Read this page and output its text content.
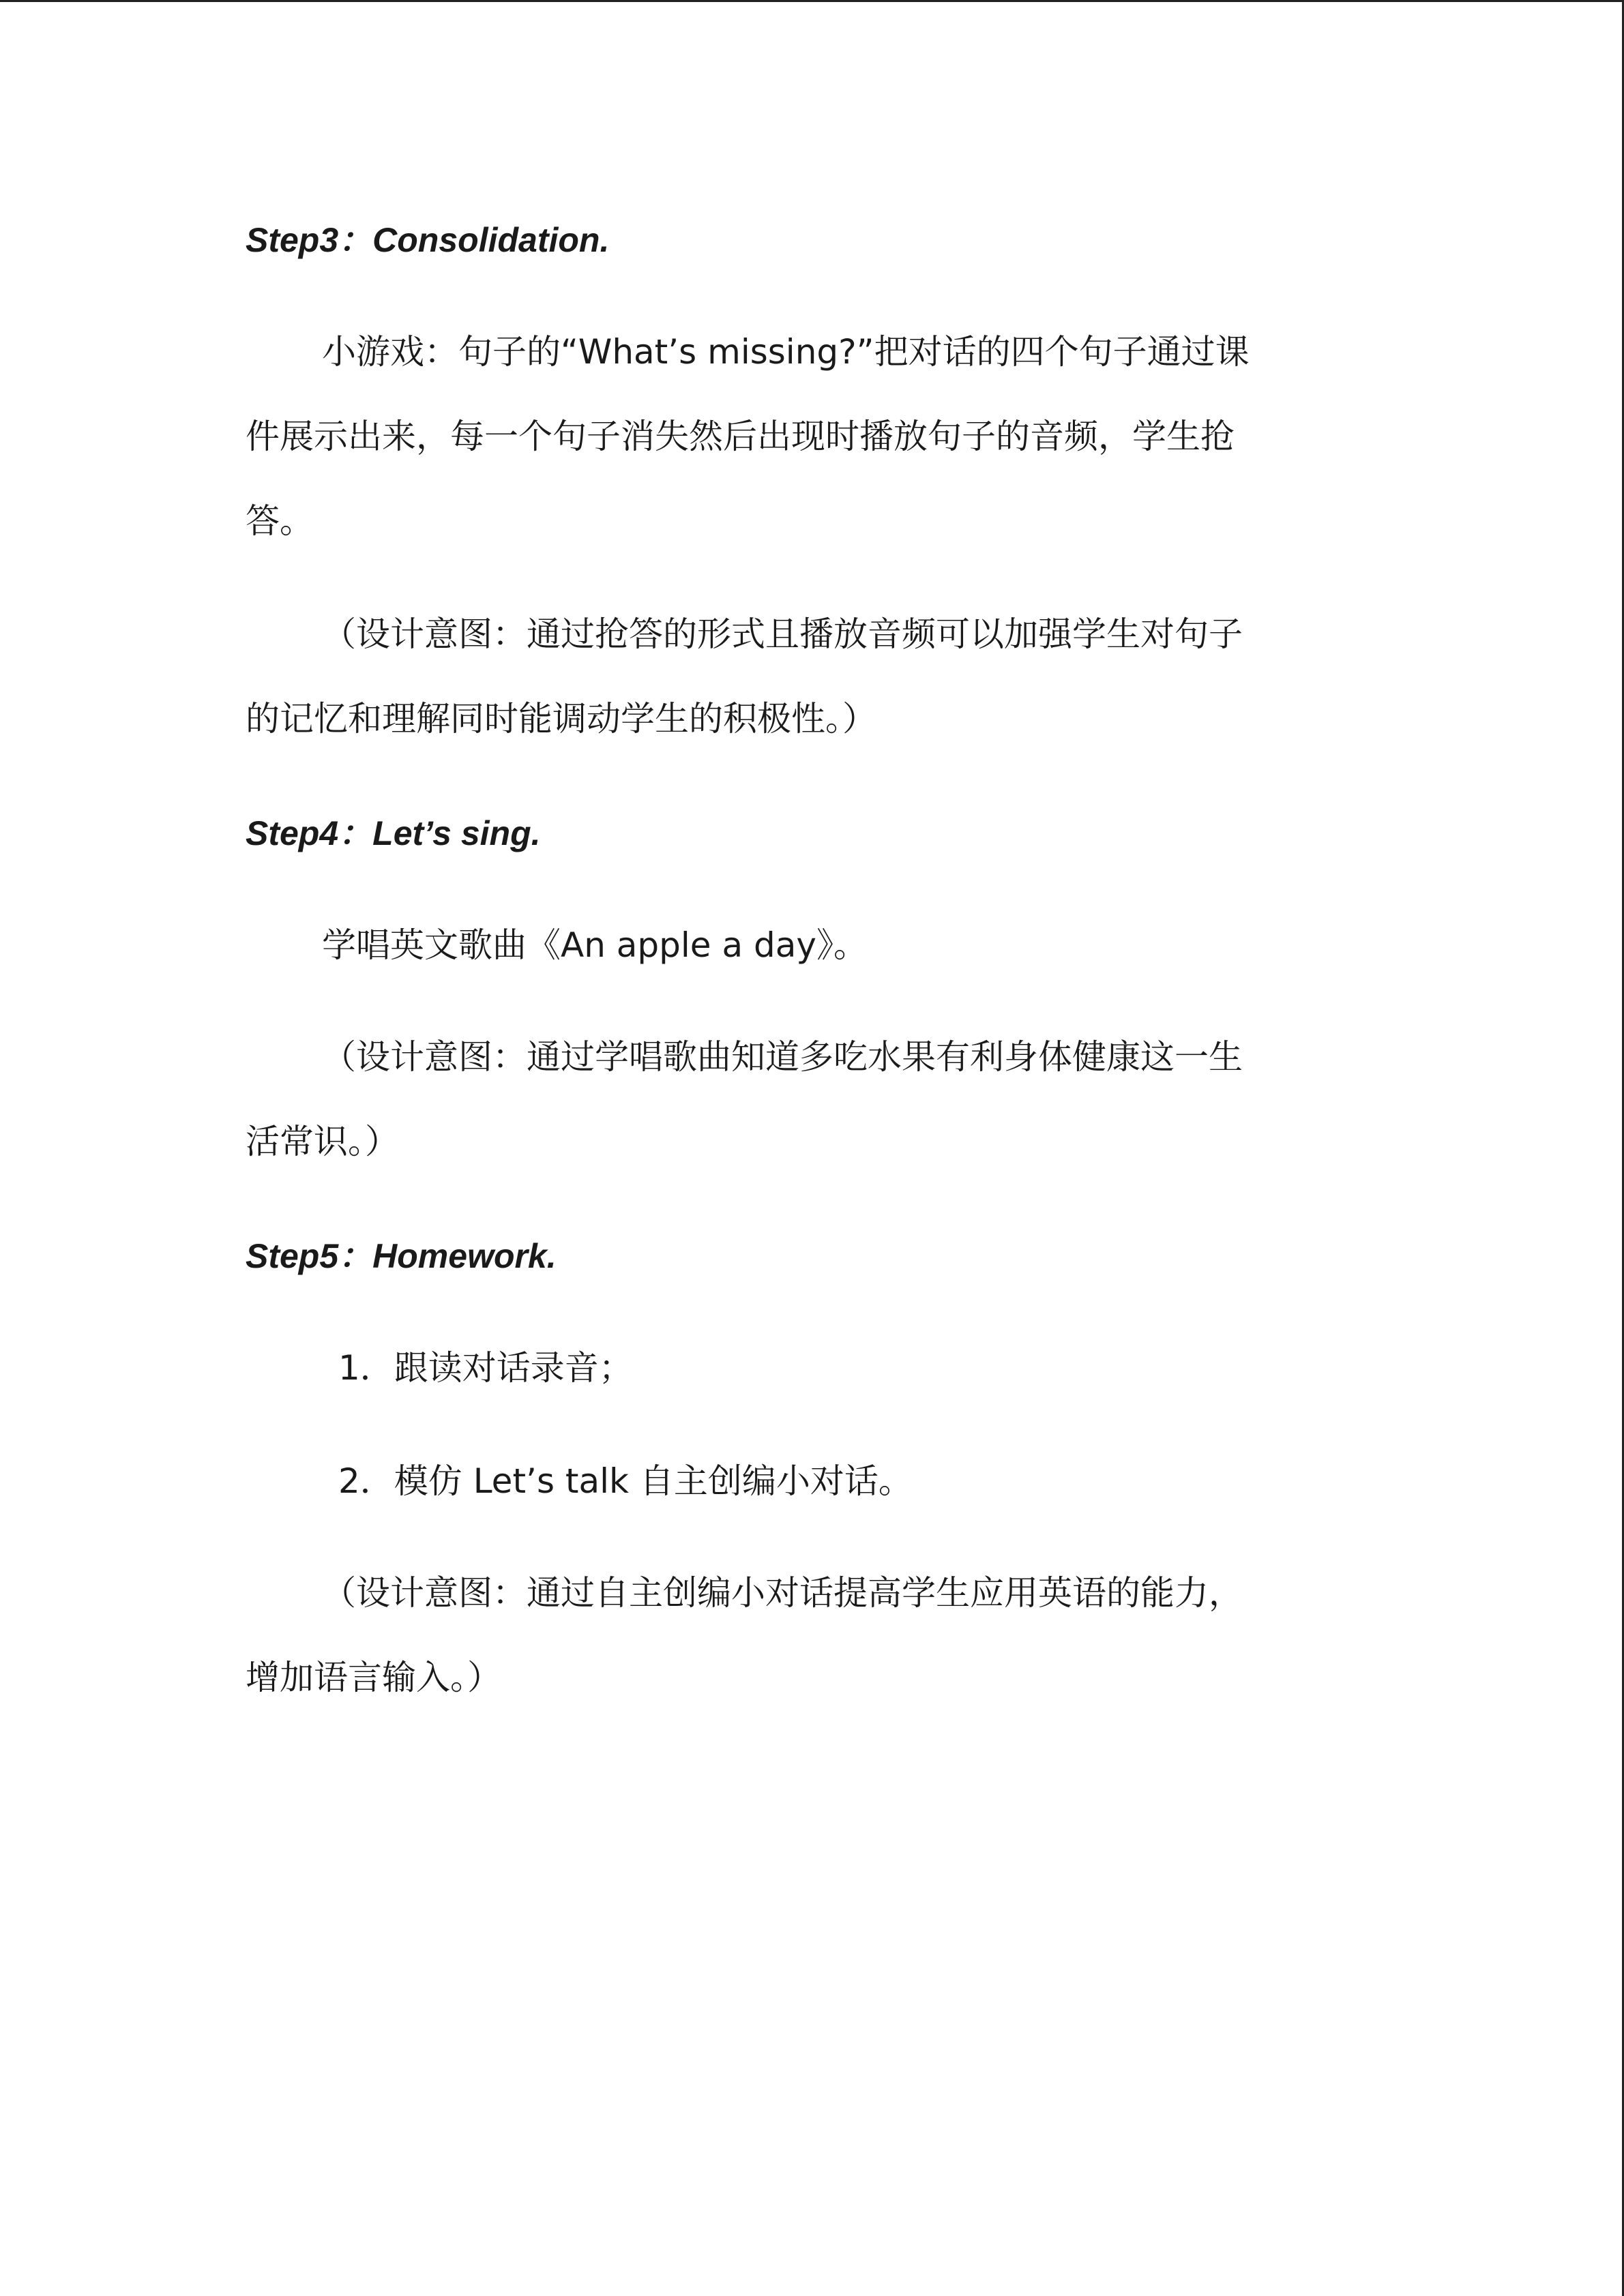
Step3：Consolidation.
小游戏：句子的“What’s missing?”把对话的四个句子通过课
件展示出来，每一个句子消失然后出现时播放句子的音频，学生抢
答。
（设计意图：通过抢答的形式且播放音频可以加强学生对句子
的记忆和理解同时能调动学生的积极性。）
Step4：Let’s sing.
学唱英文歌曲《An apple a day》。
（设计意图：通过学唱歌曲知道多吃水果有利身体健康这一生
活常识。）
Step5：Homework.
1．跟读对话录音；
2．模仿 Let’s talk 自主创编小对话。
（设计意图：通过自主创编小对话提高学生应用英语的能力，
增加语言输入。）
